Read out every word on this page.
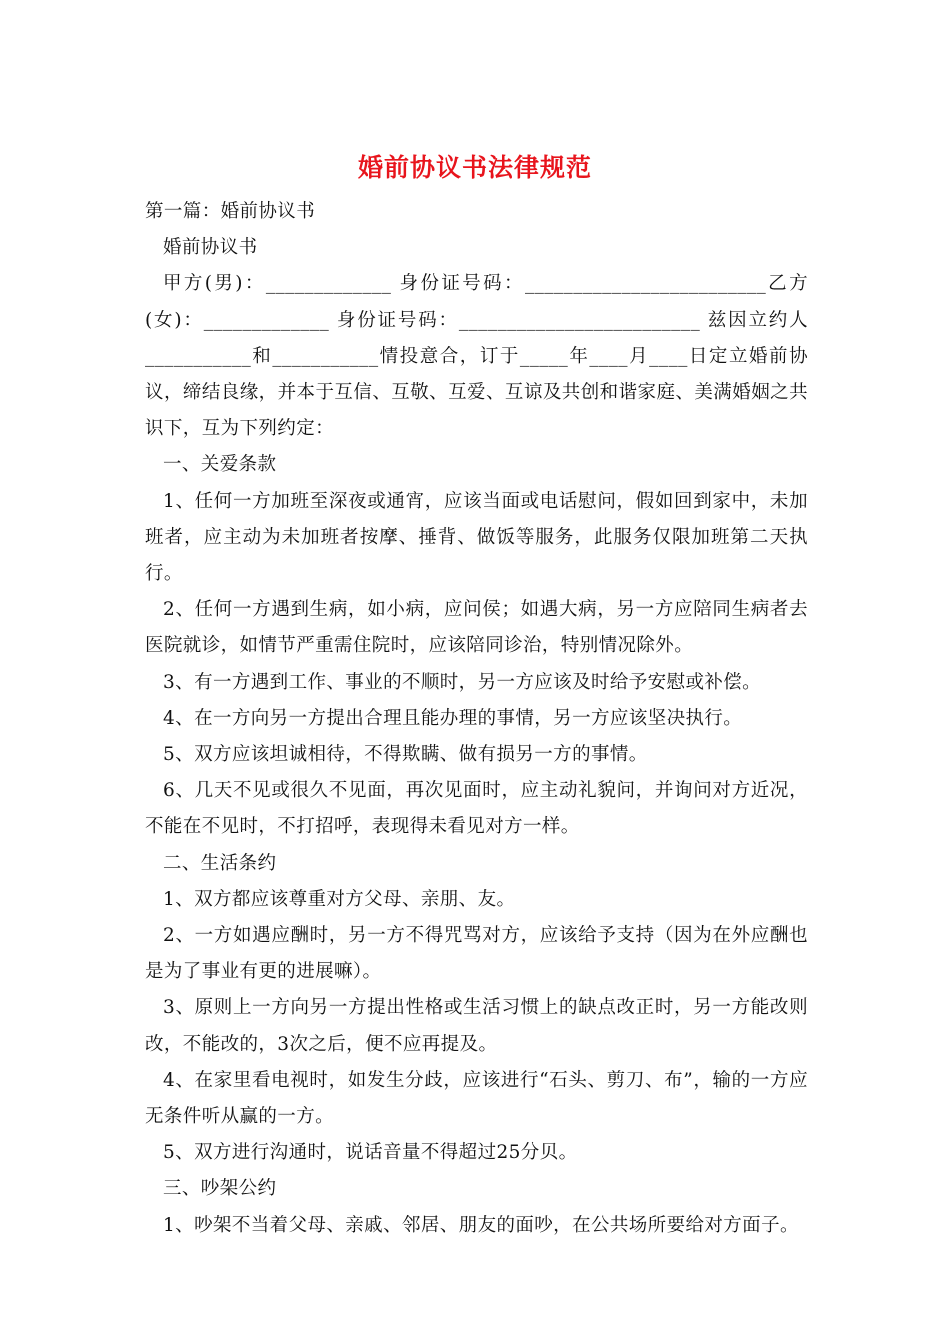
婚前协议书法律规范

第一篇：婚前协议书

婚前协议书

甲方(男)：_____________ 身份证号码：_________________________乙方(女)：_____________ 身份证号码：_________________________ 兹因立约人___________和___________情投意合，订于_____年____月____日定立婚前协议，缔结良缘，并本于互信、互敬、互爱、互谅及共创和谐家庭、美满婚姻之共识下，互为下列约定：

一、关爱条款

1、任何一方加班至深夜或通宵，应该当面或电话慰问，假如回到家中，未加班者，应主动为未加班者按摩、捶背、做饭等服务，此服务仅限加班第二天执行。

2、任何一方遇到生病，如小病，应问侯；如遇大病，另一方应陪同生病者去医院就诊，如情节严重需住院时，应该陪同诊治，特别情况除外。

3、有一方遇到工作、事业的不顺时，另一方应该及时给予安慰或补偿。

4、在一方向另一方提出合理且能办理的事情，另一方应该坚决执行。

5、双方应该坦诚相待，不得欺瞒、做有损另一方的事情。

6、几天不见或很久不见面，再次见面时，应主动礼貌问，并询问对方近况，不能在不见时，不打招呼，表现得未看见对方一样。

二、生活条约

1、双方都应该尊重对方父母、亲朋、友。

2、一方如遇应酬时，另一方不得咒骂对方，应该给予支持（因为在外应酬也是为了事业有更的进展嘛）。

3、原则上一方向另一方提出性格或生活习惯上的缺点改正时，另一方能改则改，不能改的，3次之后，便不应再提及。

4、在家里看电视时，如发生分歧，应该进行“石头、剪刀、布”，输的一方应无条件听从赢的一方。

5、双方进行沟通时，说话音量不得超过25分贝。

三、吵架公约

1、吵架不当着父母、亲戚、邻居、朋友的面吵，在公共场所要给对方面子。
